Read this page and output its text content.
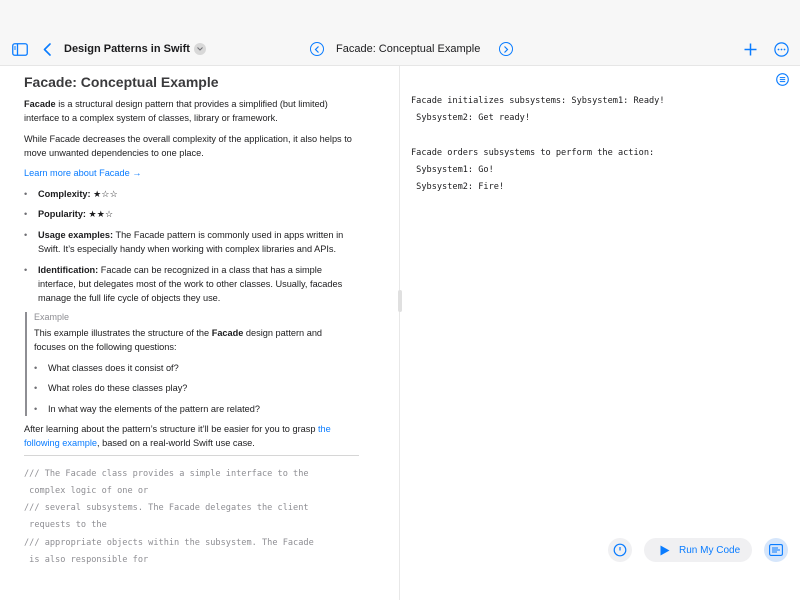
Design Patterns in Swift	Facade: Conceptual Example
Facade: Conceptual Example
Facade is a structural design pattern that provides a simplified (but limited) interface to a complex system of classes, library or framework.
While Facade decreases the overall complexity of the application, it also helps to move unwanted dependencies to one place.
Learn more about Facade →
• Complexity: ★☆☆
• Popularity: ★★☆
• Usage examples: The Facade pattern is commonly used in apps written in Swift. It’s especially handy when working with complex libraries and APIs.
• Identification: Facade can be recognized in a class that has a simple interface, but delegates most of the work to other classes. Usually, facades manage the full life cycle of objects they use.
Example
This example illustrates the structure of the Facade design pattern and focuses on the following questions:
• What classes does it consist of?
• What roles do these classes play?
• In what way the elements of the pattern are related?
After learning about the pattern’s structure it’ll be easier for you to grasp the following example, based on a real-world Swift use case.
/// The Facade class provides a simple interface to the
complex logic of one or
/// several subsystems. The Facade delegates the client
requests to the
/// appropriate objects within the subsystem. The Facade
is also responsible for
Facade initializes subsystems: Sybsystem1: Ready!
Sybsystem2: Get ready!
Facade orders subsystems to perform the action:
Sybsystem1: Go!
Sybsystem2: Fire!
Run My Code
